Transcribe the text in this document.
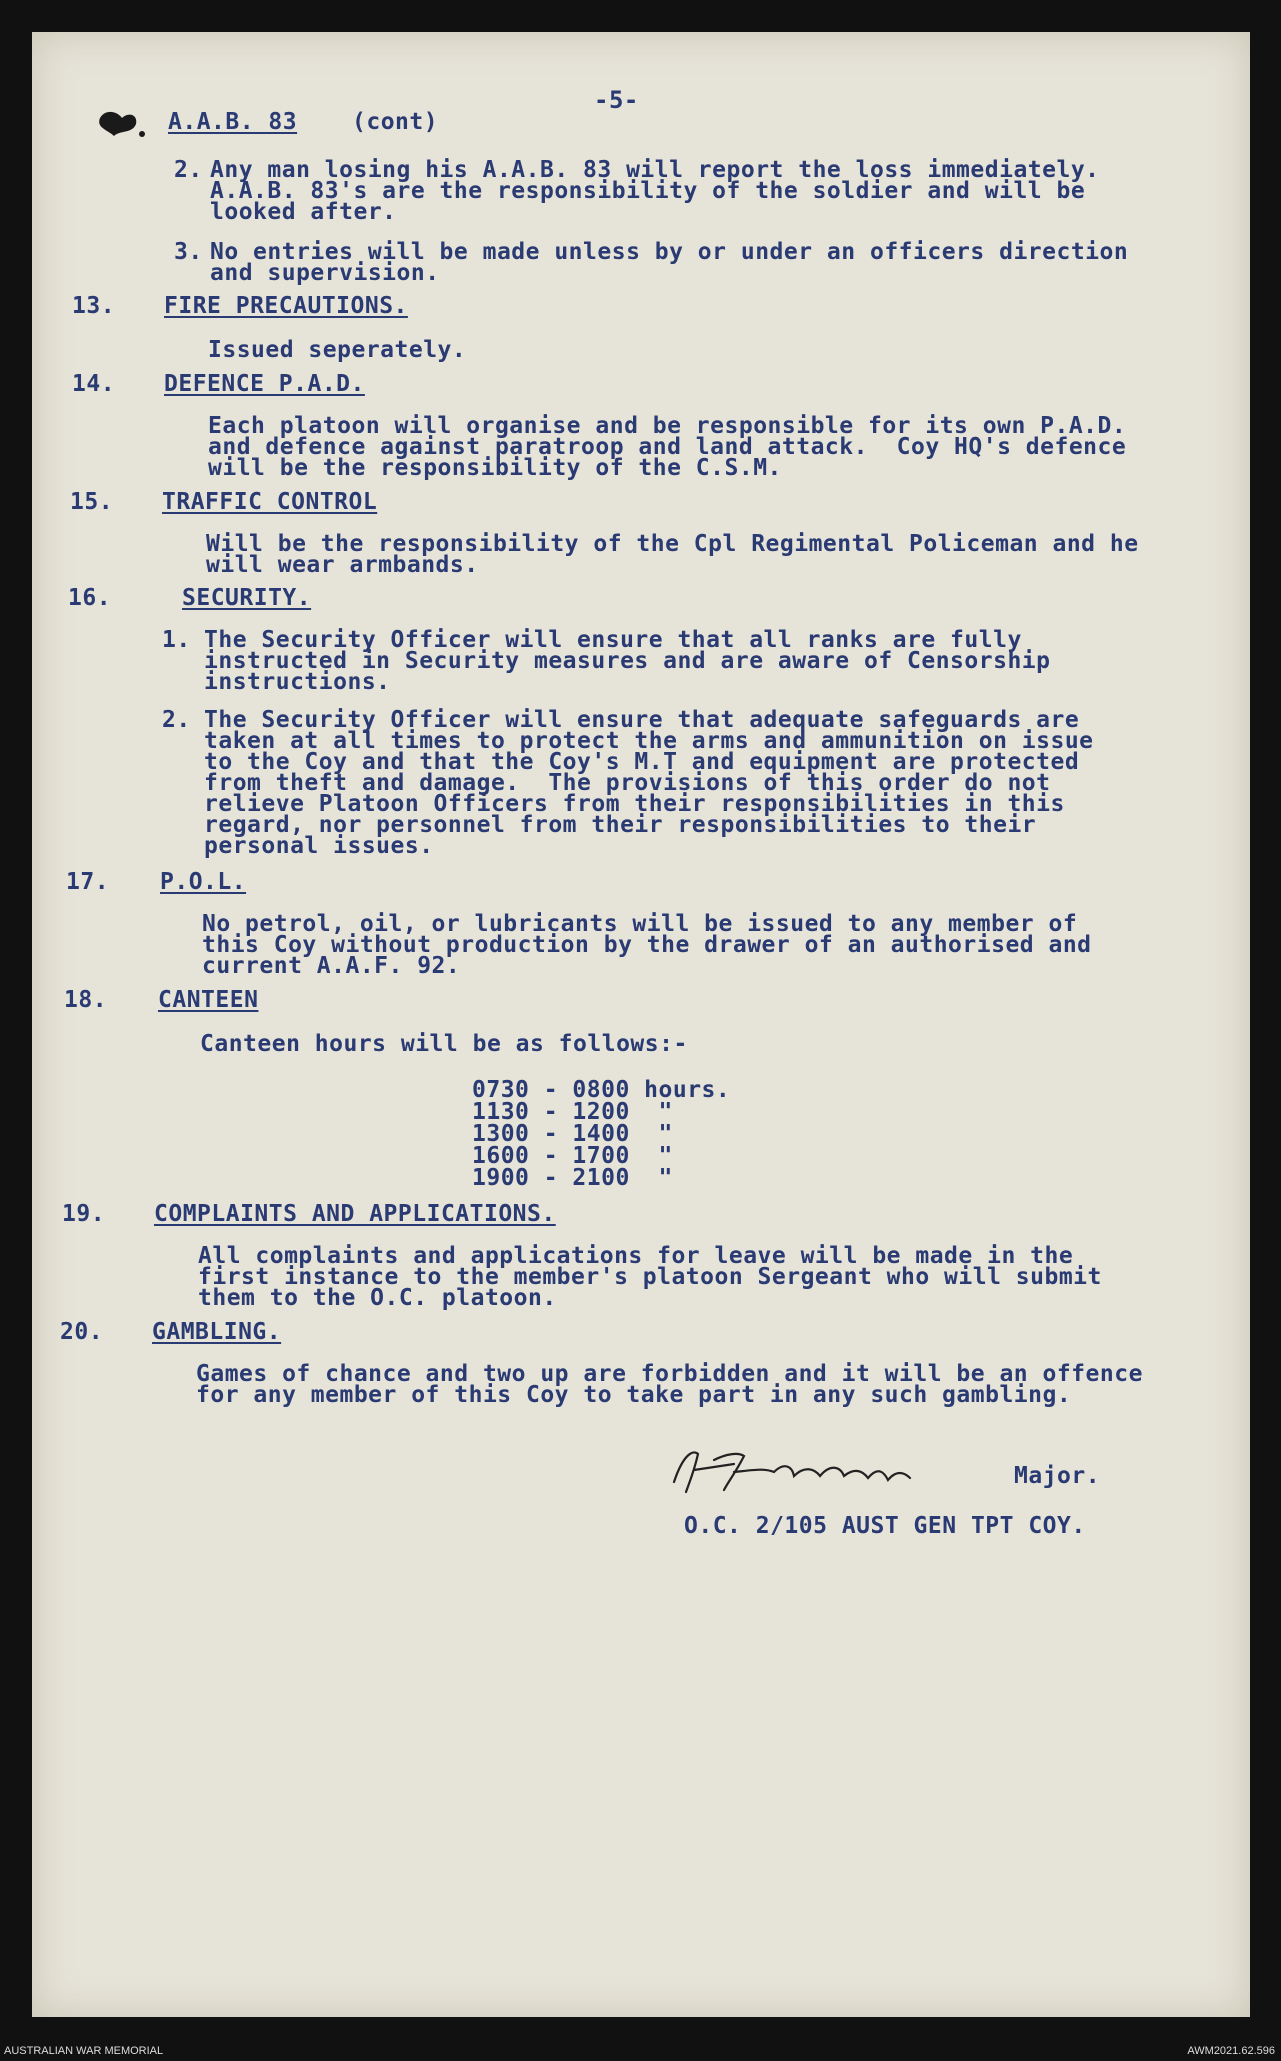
-5-
A.A.B. 83 (cont)
2. Any man losing his A.A.B. 83 will report the loss immediately.
A.A.B. 83's are the responsibility of the soldier and will be
looked after.
3. No entries will be made unless by or under an officers direction
and supervision.
13. FIRE PRECAUTIONS.
Issued seperately.
14. DEFENCE P.A.D.
Each platoon will organise and be responsible for its own P.A.D.
and defence against paratroop and land attack.  Coy HQ's defence
will be the responsibility of the C.S.M.
15. TRAFFIC CONTROL
Will be the responsibility of the Cpl Regimental Policeman and he
will wear armbands.
16.	SECURITY.
1. The Security Officer will ensure that all ranks are fully
instructed in Security measures and are aware of Censorship
instructions.
2. The Security Officer will ensure that adequate safeguards are
taken at all times to protect the arms and ammunition on issue
to the Coy and that the Coy's M.T and equipment are protected
from theft and damage.  The provisions of this order do not
relieve Platoon Officers from their responsibilities in this
regard, nor personnel from their responsibilities to their
personal issues.
17. P.O.L.
No petrol, oil, or lubricants will be issued to any member of
this Coy without production by the drawer of an authorised and
current A.A.F. 92.
18. CANTEEN
Canteen hours will be as follows:-
0730 - 0800 hours.
1130 - 1200  "
1300 - 1400  "
1600 - 1700  "
1900 - 2100  "
19. COMPLAINTS AND APPLICATIONS.
All complaints and applications for leave will be made in the
first instance to the member's platoon Sergeant who will submit
them to the O.C. platoon.
20. GAMBLING.
Games of chance and two up are forbidden and it will be an offence
for any member of this Coy to take part in any such gambling.
Major.
O.C. 2/105 AUST GEN TPT COY.
AUSTRALIAN WAR MEMORIAL	AWM2021.62.596
